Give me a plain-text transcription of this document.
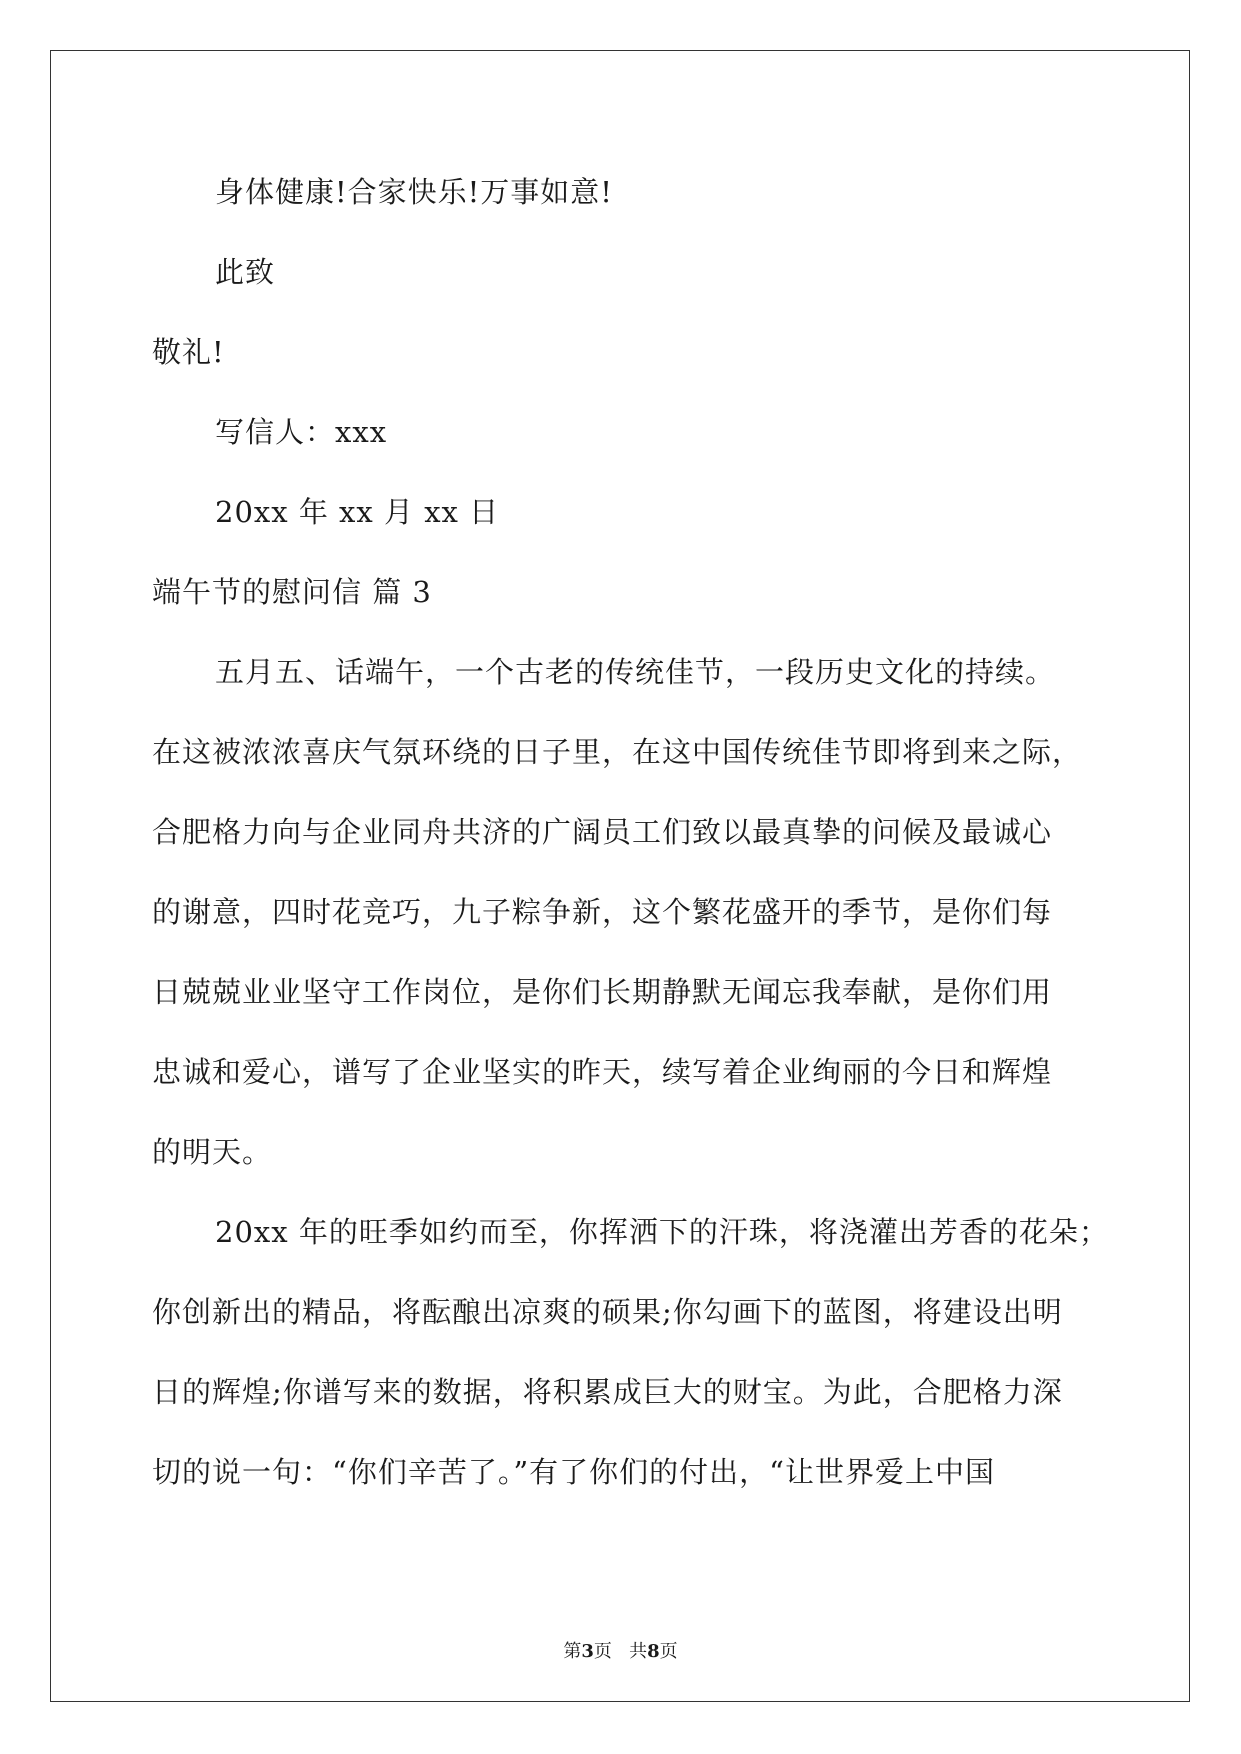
身体健康!合家快乐!万事如意!
此致
敬礼!
写信人：xxx
20xx 年 xx 月 xx 日
端午节的慰问信 篇 3
五月五、话端午，一个古老的传统佳节，一段历史文化的持续。
在这被浓浓喜庆气氛环绕的日子里，在这中国传统佳节即将到来之际，
合肥格力向与企业同舟共济的广阔员工们致以最真挚的问候及最诚心
的谢意，四时花竞巧，九子粽争新，这个繁花盛开的季节，是你们每
日兢兢业业坚守工作岗位，是你们长期静默无闻忘我奉献，是你们用
忠诚和爱心，谱写了企业坚实的昨天，续写着企业绚丽的今日和辉煌
的明天。
20xx 年的旺季如约而至，你挥洒下的汗珠，将浇灌出芳香的花朵；
你创新出的精品，将酝酿出凉爽的硕果;你勾画下的蓝图，将建设出明
日的辉煌;你谱写来的数据，将积累成巨大的财宝。为此，合肥格力深
切的说一句：“你们辛苦了。”有了你们的付出，“让世界爱上中国
第3页 共8页
